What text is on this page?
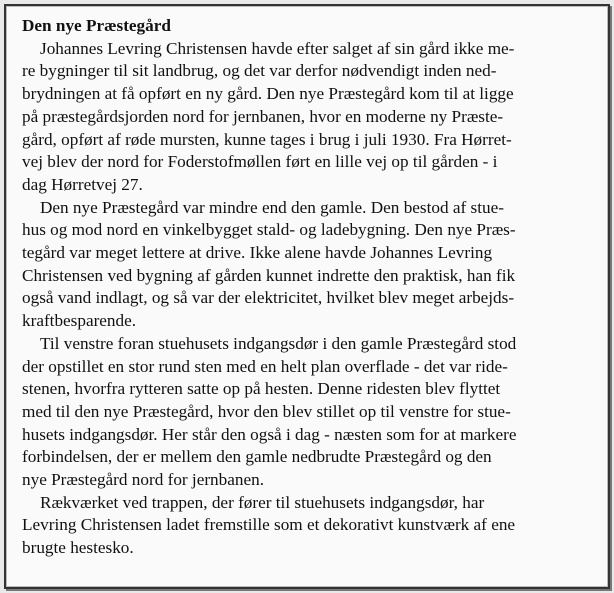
Den nye Præstegård
Johannes Levring Christensen havde efter salget af sin gård ikke me-
re bygninger til sit landbrug, og det var derfor nødvendigt inden ned-
brydningen at få opført en ny gård. Den nye Præstegård kom til at ligge
på præstegårdsjorden nord for jernbanen, hvor en moderne ny Præste-
gård, opført af røde mursten, kunne tages i brug i juli 1930. Fra Hørret-
vej blev der nord for Foderstofmøllen ført en lille vej op til gården - i
dag Hørretvej 27.
Den nye Præstegård var mindre end den gamle. Den bestod af stue-
hus og mod nord en vinkelbygget stald- og ladebygning. Den nye Præs-
tegård var meget lettere at drive. Ikke alene havde Johannes Levring
Christensen ved bygning af gården kunnet indrette den praktisk, han fik
også vand indlagt, og så var der elektricitet, hvilket blev meget arbejds-
kraftbesparende.
Til venstre foran stuehusets indgangsdør i den gamle Præstegård stod
der opstillet en stor rund sten med en helt plan overflade - det var ride-
stenen, hvorfra rytteren satte op på hesten. Denne ridesten blev flyttet
med til den nye Præstegård, hvor den blev stillet op til venstre for stue-
husets indgangsdør. Her står den også i dag - næsten som for at markere
forbindelsen, der er mellem den gamle nedbrudte Præstegård og den
nye Præstegård nord for jernbanen.
Rækværket ved trappen, der fører til stuehusets indgangsdør, har
Levring Christensen ladet fremstille som et dekorativt kunstværk af ene
brugte hestesko.
